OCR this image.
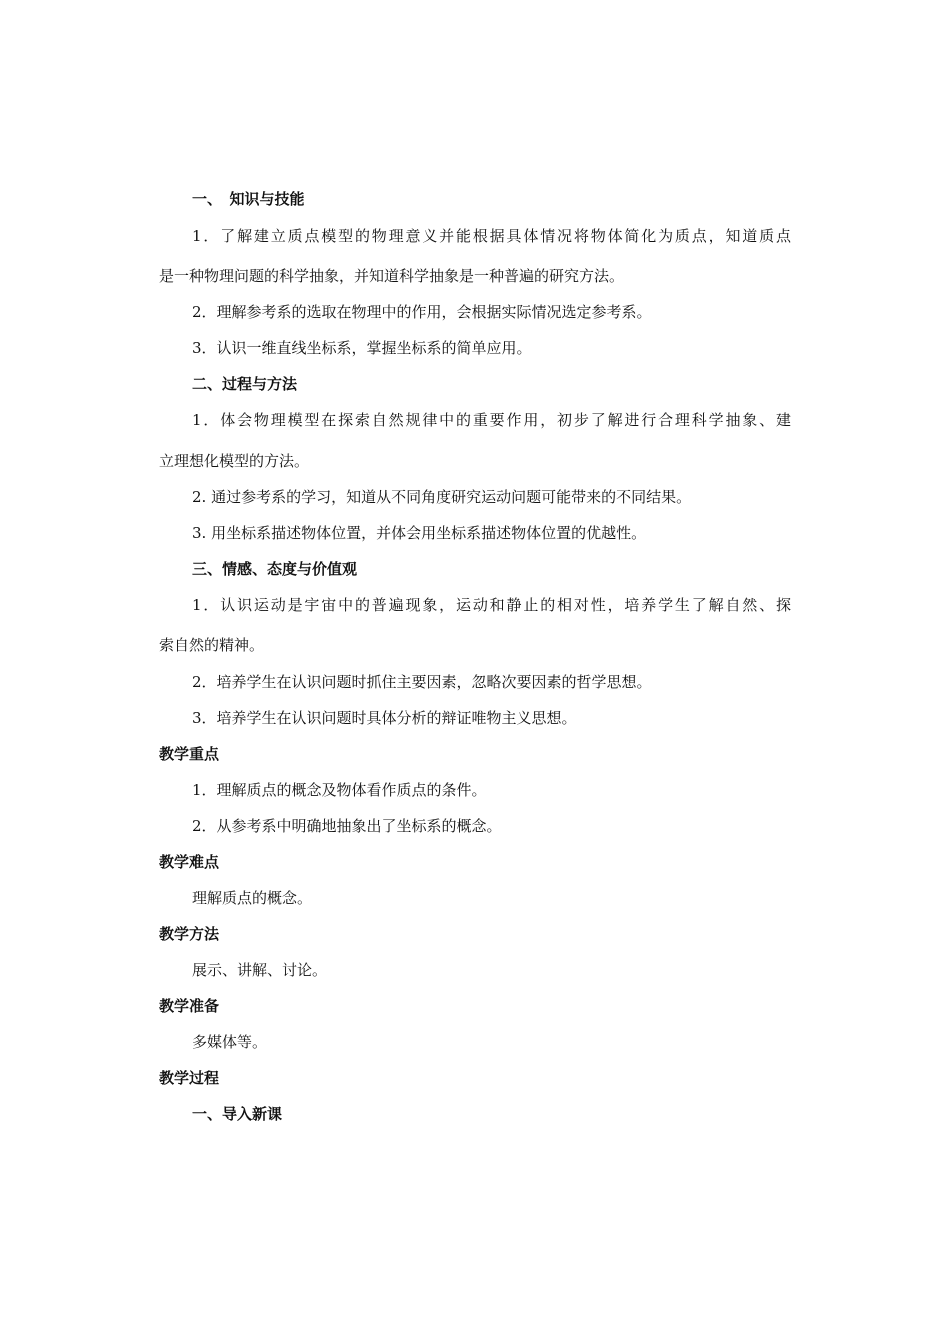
一、　知识与技能

1．了解建立质点模型的物理意义并能根据具体情况将物体简化为质点，知道质点

是一种物理问题的科学抽象，并知道科学抽象是一种普遍的研究方法。

2．理解参考系的选取在物理中的作用，会根据实际情况选定参考系。

3．认识一维直线坐标系，掌握坐标系的简单应用。

二、过程与方法

1．体会物理模型在探索自然规律中的重要作用，初步了解进行合理科学抽象、建

立理想化模型的方法。

2. 通过参考系的学习，知道从不同角度研究运动问题可能带来的不同结果。

3. 用坐标系描述物体位置，并体会用坐标系描述物体位置的优越性。

三、情感、态度与价值观

1．认识运动是宇宙中的普遍现象，运动和静止的相对性，培养学生了解自然、探

索自然的精神。

2．培养学生在认识问题时抓住主要因素，忽略次要因素的哲学思想。

3．培养学生在认识问题时具体分析的辩证唯物主义思想。

教学重点

1．理解质点的概念及物体看作质点的条件。

2．从参考系中明确地抽象出了坐标系的概念。

教学难点

理解质点的概念。

教学方法

展示、讲解、讨论。

教学准备

多媒体等。

教学过程

一、导入新课
